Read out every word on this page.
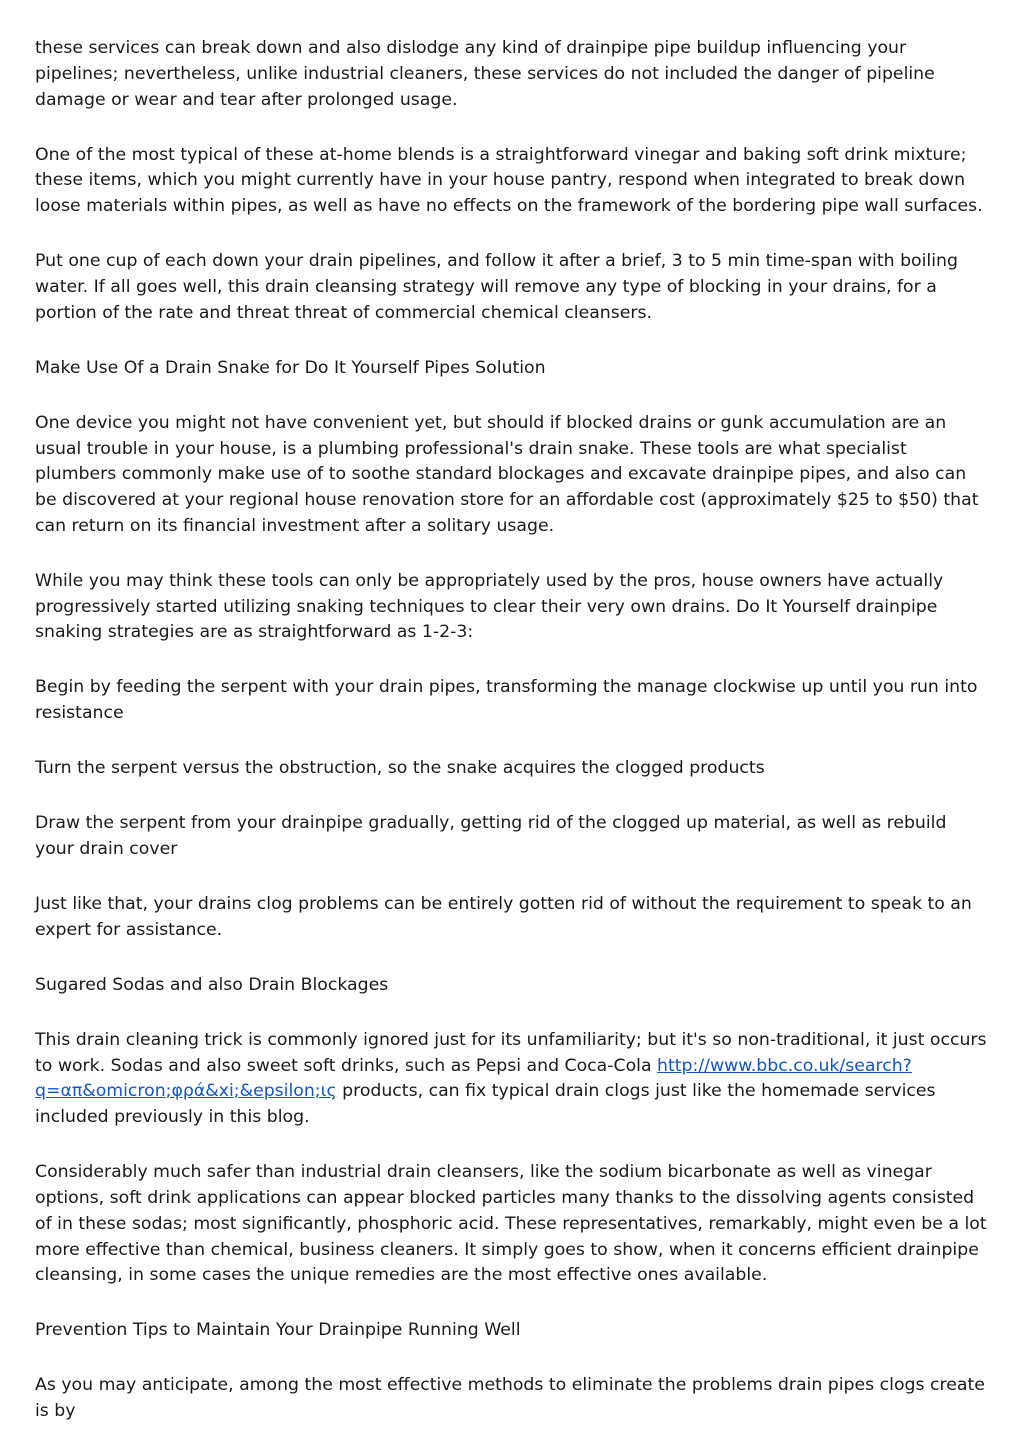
these services can break down and also dislodge any kind of drainpipe pipe buildup influencing your pipelines; nevertheless, unlike industrial cleaners, these services do not included the danger of pipeline damage or wear and tear after prolonged usage.

One of the most typical of these at-home blends is a straightforward vinegar and baking soft drink mixture; these items, which you might currently have in your house pantry, respond when integrated to break down loose materials within pipes, as well as have no effects on the framework of the bordering pipe wall surfaces.

Put one cup of each down your drain pipelines, and follow it after a brief, 3 to 5 min time-span with boiling water. If all goes well, this drain cleansing strategy will remove any type of blocking in your drains, for a portion of the rate and threat threat of commercial chemical cleansers.

Make Use Of a Drain Snake for Do It Yourself Pipes Solution

One device you might not have convenient yet, but should if blocked drains or gunk accumulation are an usual trouble in your house, is a plumbing professional's drain snake. These tools are what specialist plumbers commonly make use of to soothe standard blockages and excavate drainpipe pipes, and also can be discovered at your regional house renovation store for an affordable cost (approximately $25 to $50) that can return on its financial investment after a solitary usage.

While you may think these tools can only be appropriately used by the pros, house owners have actually progressively started utilizing snaking techniques to clear their very own drains. Do It Yourself drainpipe snaking strategies are as straightforward as 1-2-3:

Begin by feeding the serpent with your drain pipes, transforming the manage clockwise up until you run into resistance

Turn the serpent versus the obstruction, so the snake acquires the clogged products

Draw the serpent from your drainpipe gradually, getting rid of the clogged up material, as well as rebuild your drain cover

Just like that, your drains clog problems can be entirely gotten rid of without the requirement to speak to an expert for assistance.

Sugared Sodas and also Drain Blockages

This drain cleaning trick is commonly ignored just for its unfamiliarity; but it's so non-traditional, it just occurs to work. Sodas and also sweet soft drinks, such as Pepsi and Coca-Cola http://www.bbc.co.uk/search?q=απ&omicron;φρά&xi;&epsilon;ις products, can fix typical drain clogs just like the homemade services included previously in this blog.

Considerably much safer than industrial drain cleansers, like the sodium bicarbonate as well as vinegar options, soft drink applications can appear blocked particles many thanks to the dissolving agents consisted of in these sodas; most significantly, phosphoric acid. These representatives, remarkably, might even be a lot more effective than chemical, business cleaners. It simply goes to show, when it concerns efficient drainpipe cleansing, in some cases the unique remedies are the most effective ones available.

Prevention Tips to Maintain Your Drainpipe Running Well

As you may anticipate, among the most effective methods to eliminate the problems drain pipes clogs create is by
